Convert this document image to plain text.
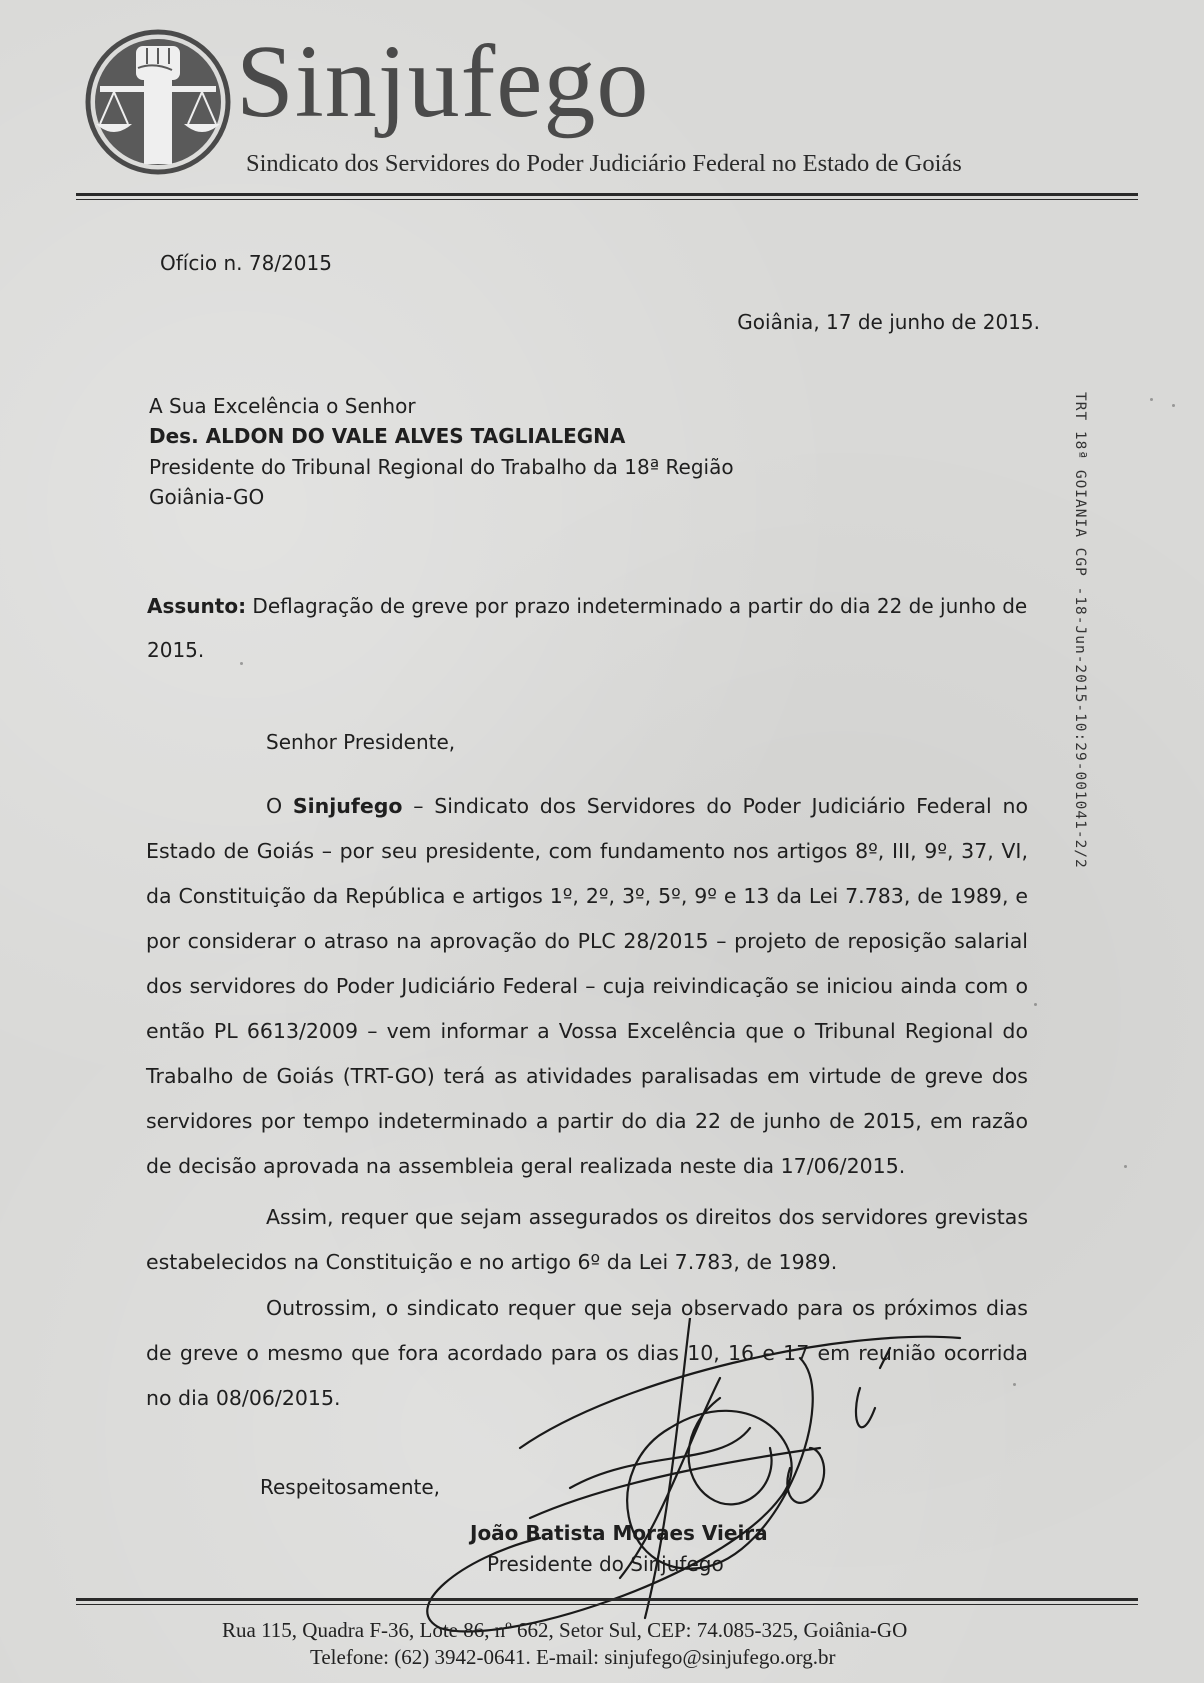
Sinjufego
Sindicato dos Servidores do Poder Judiciário Federal no Estado de Goiás
Ofício n. 78/2015
Goiânia, 17 de junho de 2015.
A Sua Excelência o Senhor
Des. ALDON DO VALE ALVES TAGLIALEGNA
Presidente do Tribunal Regional do Trabalho da 18ª Região
Goiânia-GO
Assunto: Deflagração de greve por prazo indeterminado a partir do dia 22 de junho de
2015.
Senhor Presidente,

O Sinjufego – Sindicato dos Servidores do Poder Judiciário Federal no Estado de Goiás – por seu presidente, com fundamento nos artigos 8º, III, 9º, 37, VI, da Constituição da República e artigos 1º, 2º, 3º, 5º, 9º e 13 da Lei 7.783, de 1989, e por considerar o atraso na aprovação do PLC 28/2015 – projeto de reposição salarial dos servidores do Poder Judiciário Federal – cuja reivindicação se iniciou ainda com o então PL 6613/2009 – vem informar a Vossa Excelência que o Tribunal Regional do Trabalho de Goiás (TRT-GO) terá as atividades paralisadas em virtude de greve dos servidores por tempo indeterminado a partir do dia 22 de junho de 2015, em razão de decisão aprovada na assembleia geral realizada neste dia 17/06/2015.

Assim, requer que sejam assegurados os direitos dos servidores grevistas estabelecidos na Constituição e no artigo 6º da Lei 7.783, de 1989.

Outrossim, o sindicato requer que seja observado para os próximos dias de greve o mesmo que fora acordado para os dias 10, 16 e 17 em reunião ocorrida no dia 08/06/2015.

Respeitosamente,
João Batista Moraes Vieira
Presidente do Sinjufego
TRT 18ª GOIANIA CGP -18-Jun-2015-10:29-001041-2/2
Rua 115, Quadra F-36, Lote 86, nº 662, Setor Sul, CEP: 74.085-325, Goiânia-GO
Telefone: (62) 3942-0641. E-mail: sinjufego@sinjufego.org.br
